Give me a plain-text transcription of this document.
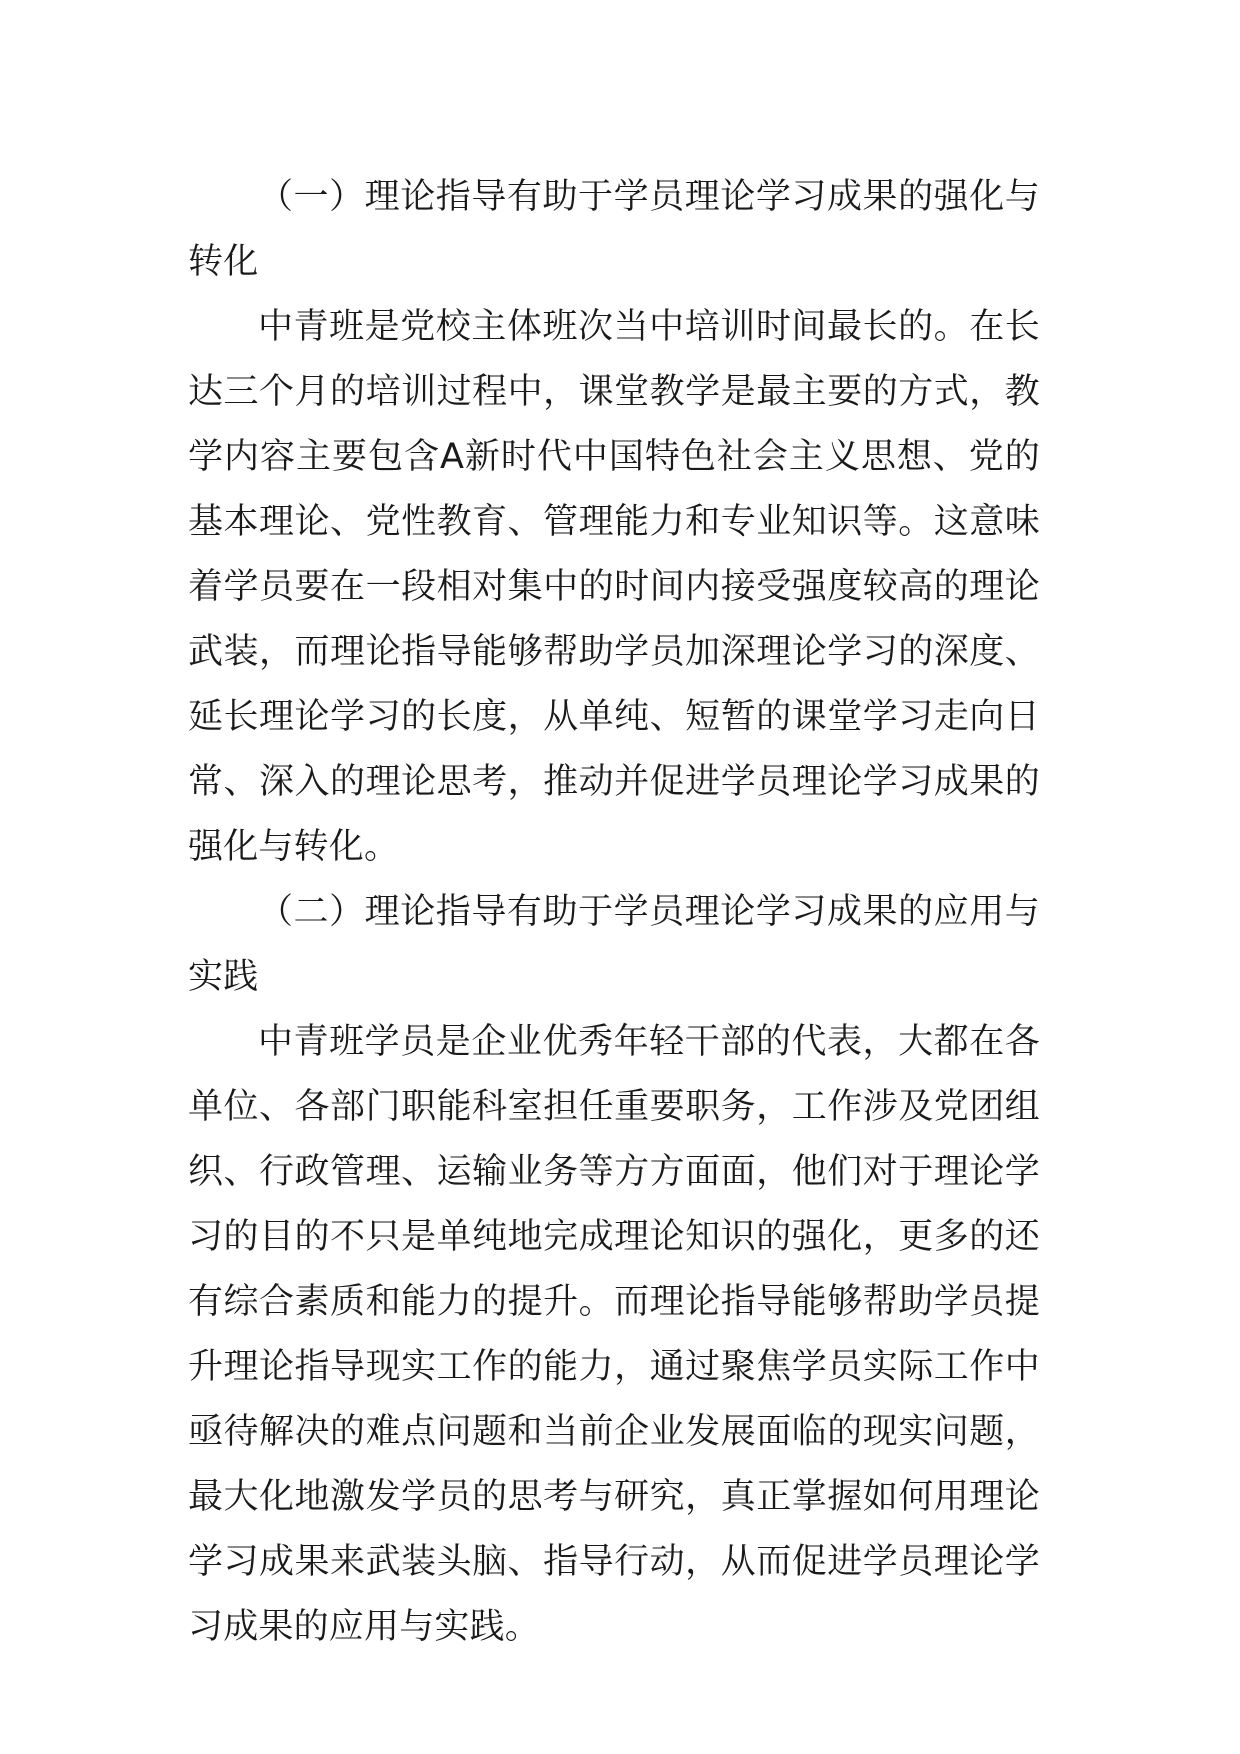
（一）理论指导有助于学员理论学习成果的强化与转化

中青班是党校主体班次当中培训时间最长的。在长达三个月的培训过程中，课堂教学是最主要的方式，教学内容主要包含A新时代中国特色社会主义思想、党的基本理论、党性教育、管理能力和专业知识等。这意味着学员要在一段相对集中的时间内接受强度较高的理论武装，而理论指导能够帮助学员加深理论学习的深度、延长理论学习的长度，从单纯、短暂的课堂学习走向日常、深入的理论思考，推动并促进学员理论学习成果的强化与转化。

（二）理论指导有助于学员理论学习成果的应用与实践

中青班学员是企业优秀年轻干部的代表，大都在各单位、各部门职能科室担任重要职务，工作涉及党团组织、行政管理、运输业务等方方面面，他们对于理论学习的目的不只是单纯地完成理论知识的强化，更多的还有综合素质和能力的提升。而理论指导能够帮助学员提升理论指导现实工作的能力，通过聚焦学员实际工作中亟待解决的难点问题和当前企业发展面临的现实问题，最大化地激发学员的思考与研究，真正掌握如何用理论学习成果来武装头脑、指导行动，从而促进学员理论学习成果的应用与实践。
